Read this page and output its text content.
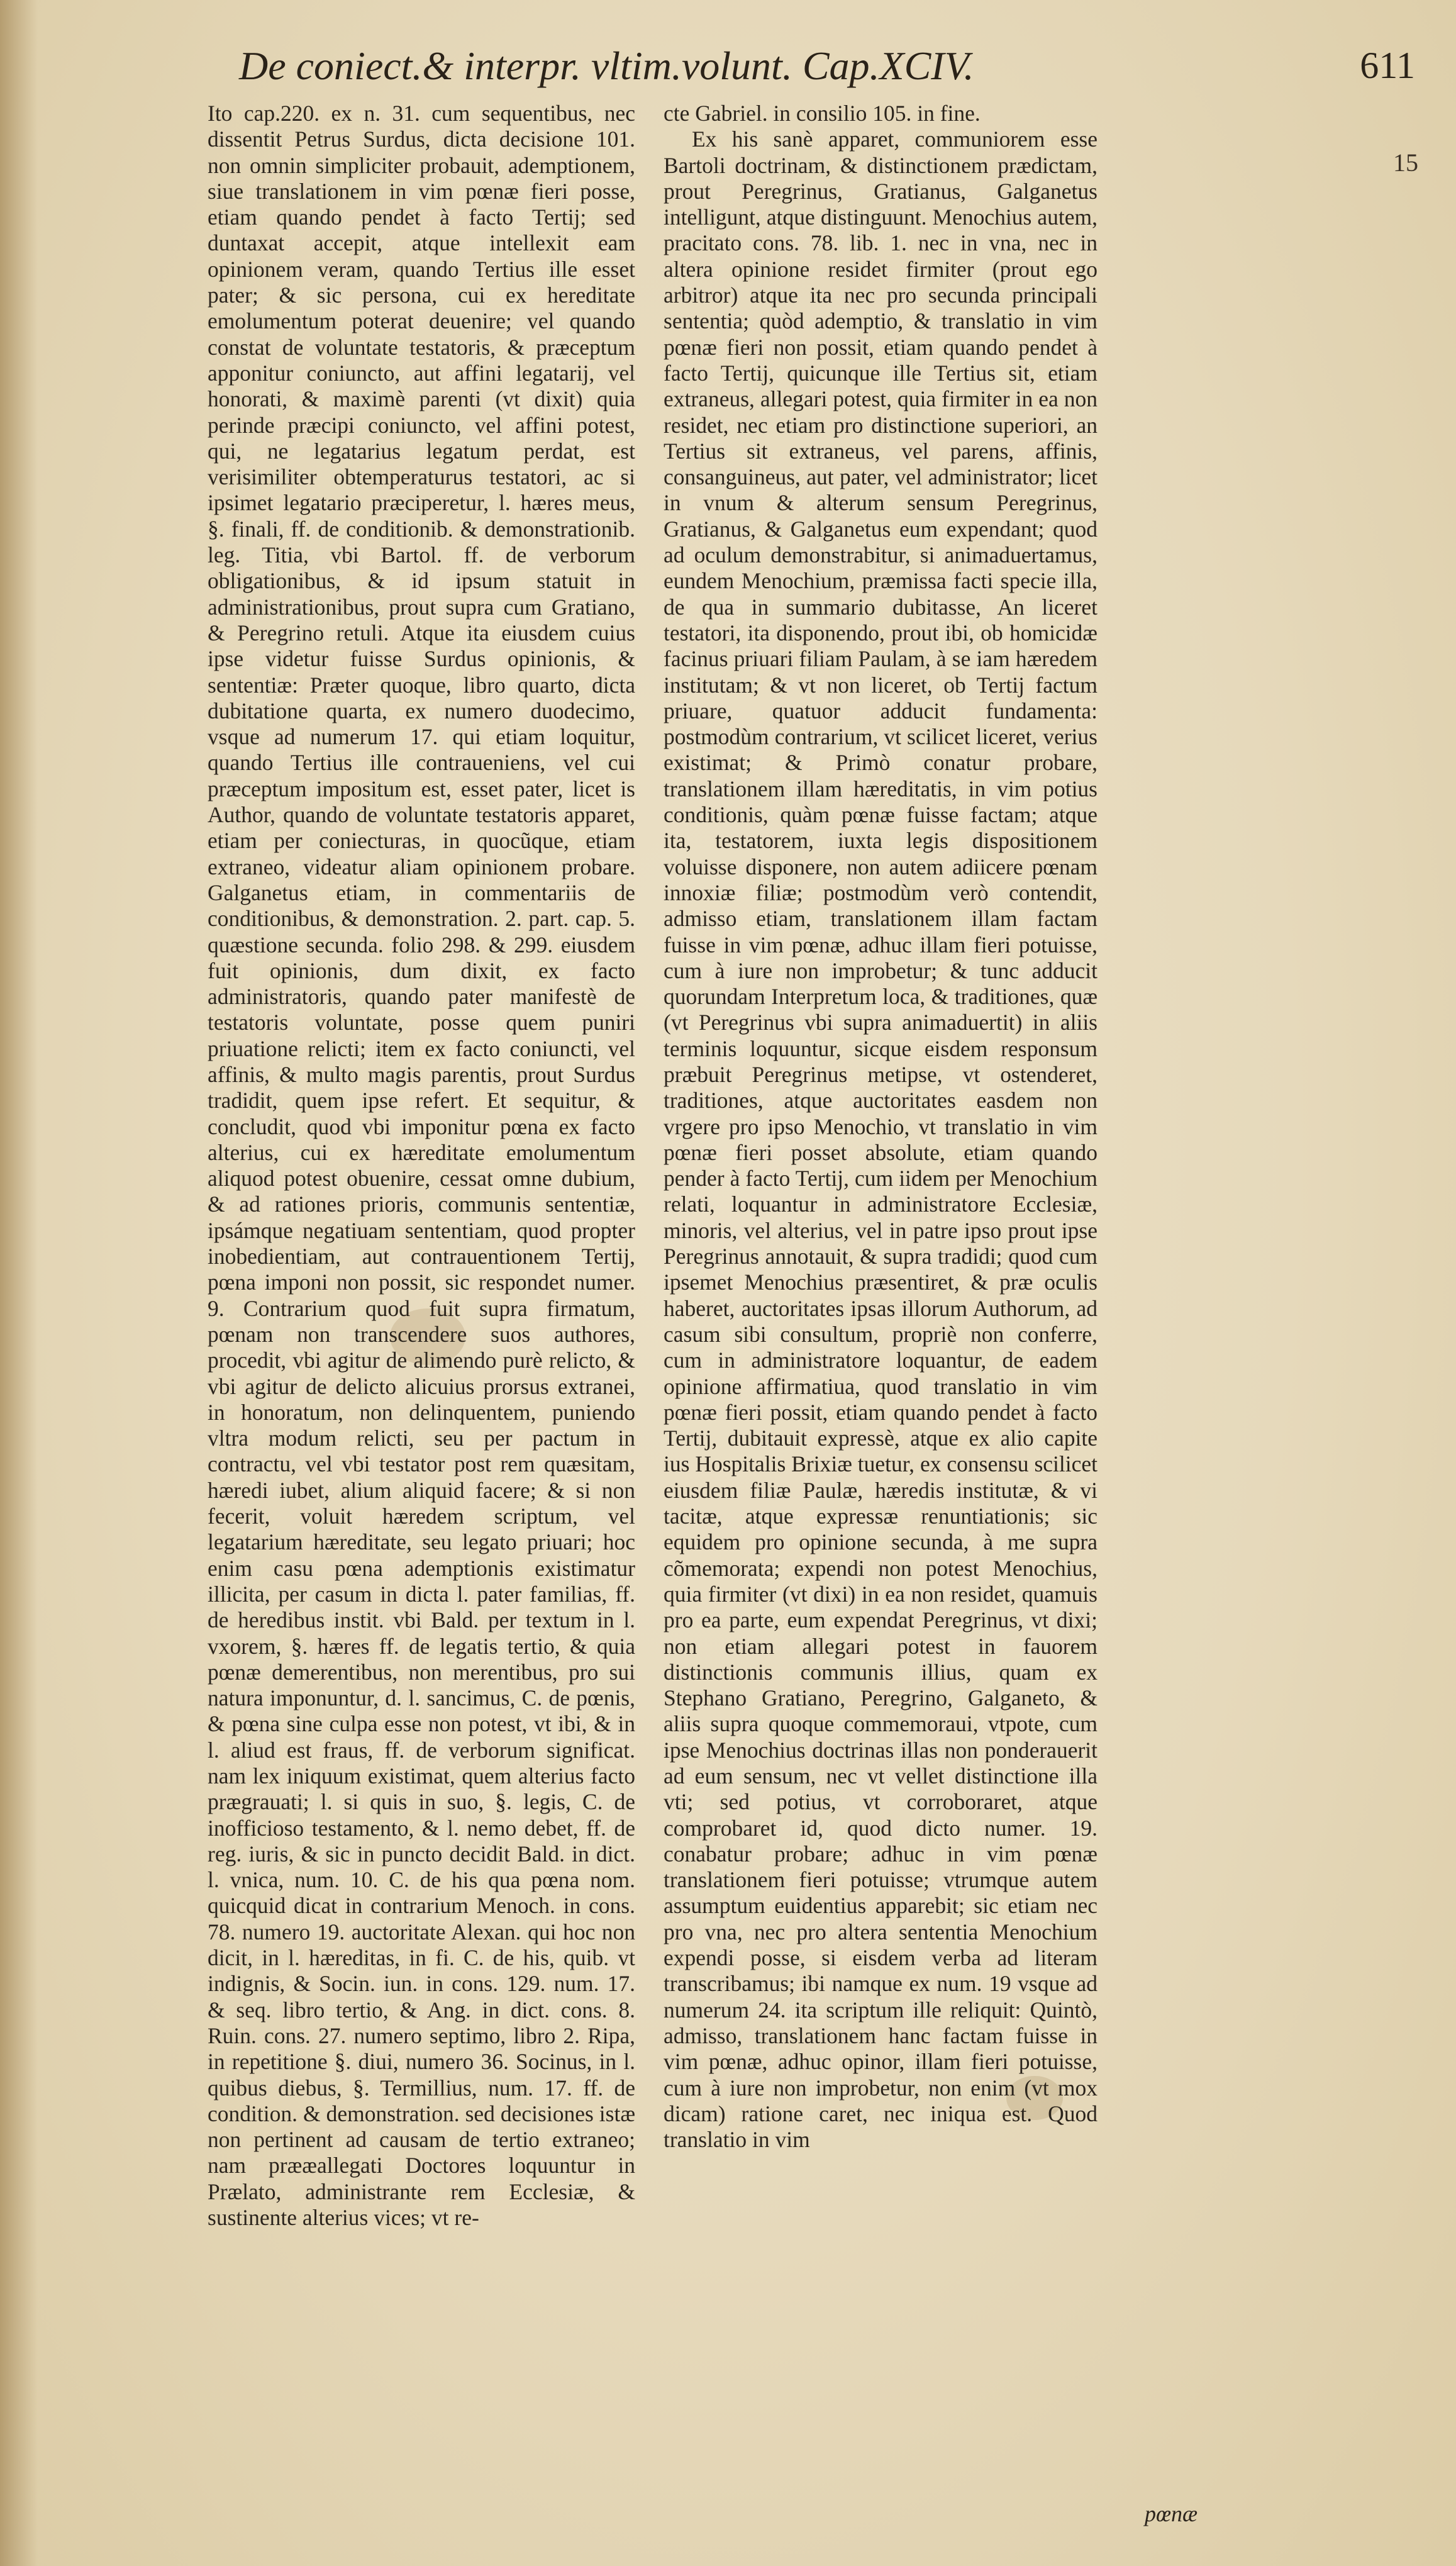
De coniect.& interpr. vltim.volunt. Cap.XCIV.	611
15

Ito cap.220. ex n. 31. cum sequentibus, nec dissentit Petrus Surdus, dicta decisione 101. non omnin simpliciter probauit, ademptionem, siue translationem in vim pœnæ fieri posse, etiam quando pendet à facto Tertij; sed duntaxat accepit, atque intellexit eam opinionem veram, quando Tertius ille esset pater; & sic persona, cui ex hereditate emolumentum poterat deuenire; vel quando constat de voluntate testatoris, & præceptum apponitur coniuncto, aut affini legatarij, vel honorati, & maximè parenti (vt dixit) quia perinde præcipi coniuncto, vel affini potest, qui, ne legatarius legatum perdat, est verisimiliter obtemperaturus testatori, ac si ipsimet legatario præciperetur, l. hæres meus, §. finali, ff. de conditionib. & demonstrationib. leg. Titia, vbi Bartol. ff. de verborum obligationibus, & id ipsum statuit in administrationibus, prout supra cum Gratiano, & Peregrino retuli. Atque ita eiusdem cuius ipse videtur fuisse Surdus opinionis, & sententiæ: Præter quoque, libro quarto, dicta dubitatione quarta, ex numero duodecimo, vsque ad numerum 17. qui etiam loquitur, quando Tertius ille contraueniens, vel cui præceptum impositum est, esset pater, licet is Author, quando de voluntate testatoris apparet, etiam per coniecturas, in quocũque, etiam extraneo, videatur aliam opinionem probare. Galganetus etiam, in commentariis de conditionibus, & demonstration. 2. part. cap. 5. quæstione secunda. folio 298. & 299. eiusdem fuit opinionis, dum dixit, ex facto administratoris, quando pater manifestè de testatoris voluntate, posse quem puniri priuatione relicti; item ex facto coniuncti, vel affinis, & multo magis parentis, prout Surdus tradidit, quem ipse refert. Et sequitur, & concludit, quod vbi imponitur pœna ex facto alterius, cui ex hæreditate emolumentum aliquod potest obuenire, cessat omne dubium, & ad rationes prioris, communis sententiæ, ipsámque negatiuam sententiam, quod propter inobedientiam, aut contrauentionem Tertij, pœna imponi non possit, sic respondet numer. 9. Contrarium quod fuit supra firmatum, pœnam non transcendere suos authores, procedit, vbi agitur de alimendo purè relicto, & vbi agitur de delicto alicuius prorsus extranei, in honoratum, non delinquentem, puniendo vltra modum relicti, seu per pactum in contractu, vel vbi testator post rem quæsitam, hæredi iubet, alium aliquid facere; & si non fecerit, voluit hæredem scriptum, vel legatarium hæreditate, seu legato priuari; hoc enim casu pœna ademptionis existimatur illicita, per casum in dicta l. pater familias, ff. de heredibus instit. vbi Bald. per textum in l. vxorem, §. hæres ff. de legatis tertio, & quia pœnæ demerentibus, non merentibus, pro sui natura imponuntur, d. l. sancimus, C. de pœnis, & pœna sine culpa esse non potest, vt ibi, & in l. aliud est fraus, ff. de verborum significat. nam lex iniquum existimat, quem alterius facto prægrauati; l. si quis in suo, §. legis, C. de inofficioso testamento, & l. nemo debet, ff. de reg. iuris, & sic in puncto decidit Bald. in dict. l. vnica, num. 10. C. de his qua pœna nom. quicquid dicat in contrarium Menoch. in cons. 78. numero 19. auctoritate Alexan. qui hoc non dicit, in l. hæreditas, in fi. C. de his, quib. vt indignis, & Socin. iun. in cons. 129. num. 17. & seq. libro tertio, & Ang. in dict. cons. 8. Ruin. cons. 27. numero septimo, libro 2. Ripa, in repetitione §. diui, numero 36. Socinus, in l. quibus diebus, §. Termillius, num. 17. ff. de condition. & demonstration. sed decisiones istæ non pertinent ad causam de tertio extraneo; nam prææallegati Doctores loquuntur in Prælato, administrante rem Ecclesiæ, & sustinente alterius vices; vt re-

cte Gabriel. in consilio 105. in fine.

Ex his sanè apparet, communiorem esse Bartoli doctrinam, & distinctionem prædictam, prout Peregrinus, Gratianus, Galganetus intelligunt, atque distinguunt. Menochius autem, pracitato cons. 78. lib. 1. nec in vna, nec in altera opinione residet firmiter (prout ego arbitror) atque ita nec pro secunda principali sententia; quòd ademptio, & translatio in vim pœnæ fieri non possit, etiam quando pendet à facto Tertij, quicunque ille Tertius sit, etiam extraneus, allegari potest, quia firmiter in ea non residet, nec etiam pro distinctione superiori, an Tertius sit extraneus, vel parens, affinis, consanguineus, aut pater, vel administrator; licet in vnum & alterum sensum Peregrinus, Gratianus, & Galganetus eum expendant; quod ad oculum demonstrabitur, si animaduertamus, eundem Menochium, præmissa facti specie illa, de qua in summario dubitasse, An liceret testatori, ita disponendo, prout ibi, ob homicidæ facinus priuari filiam Paulam, à se iam hæredem institutam; & vt non liceret, ob Tertij factum priuare, quatuor adducit fundamenta: postmodùm contrarium, vt scilicet liceret, verius existimat; & Primò conatur probare, translationem illam hæreditatis, in vim potius conditionis, quàm pœnæ fuisse factam; atque ita, testatorem, iuxta legis dispositionem voluisse disponere, non autem adiicere pœnam innoxiæ filiæ; postmodùm verò contendit, admisso etiam, translationem illam factam fuisse in vim pœnæ, adhuc illam fieri potuisse, cum à iure non improbetur; & tunc adducit quorundam Interpretum loca, & traditiones, quæ (vt Peregrinus vbi supra animaduertit) in aliis terminis loquuntur, sicque eisdem responsum præbuit Peregrinus metipse, vt ostenderet, traditiones, atque auctoritates easdem non vrgere pro ipso Menochio, vt translatio in vim pœnæ fieri posset absolute, etiam quando pender à facto Tertij, cum iidem per Menochium relati, loquantur in administratore Ecclesiæ, minoris, vel alterius, vel in patre ipso prout ipse Peregrinus annotauit, & supra tradidi; quod cum ipsemet Menochius præsentiret, & præ oculis haberet, auctoritates ipsas illorum Authorum, ad casum sibi consultum, propriè non conferre, cum in administratore loquantur, de eadem opinione affirmatiua, quod translatio in vim pœnæ fieri possit, etiam quando pendet à facto Tertij, dubitauit expressè, atque ex alio capite ius Hospitalis Brixiæ tuetur, ex consensu scilicet eiusdem filiæ Paulæ, hæredis institutæ, & vi tacitæ, atque expressæ renuntiationis; sic equidem pro opinione secunda, à me supra cõmemorata; expendi non potest Menochius, quia firmiter (vt dixi) in ea non residet, quamuis pro ea parte, eum expendat Peregrinus, vt dixi; non etiam allegari potest in fauorem distinctionis communis illius, quam ex Stephano Gratiano, Peregrino, Galganeto, & aliis supra quoque commemoraui, vtpote, cum ipse Menochius doctrinas illas non ponderauerit ad eum sensum, nec vt vellet distinctione illa vti; sed potius, vt corroboraret, atque comprobaret id, quod dicto numer. 19. conabatur probare; adhuc in vim pœnæ translationem fieri potuisse; vtrumque autem assumptum euidentius apparebit; sic etiam nec pro vna, nec pro altera sententia Menochium expendi posse, si eisdem verba ad literam transcribamus; ibi namque ex num. 19 vsque ad numerum 24. ita scriptum ille reliquit: Quintò, admisso, translationem hanc factam fuisse in vim pœnæ, adhuc opinor, illam fieri potuisse, cum à iure non improbetur, non enim (vt mox dicam) ratione caret, nec iniqua est. Quod translatio in vim

pœnæ
